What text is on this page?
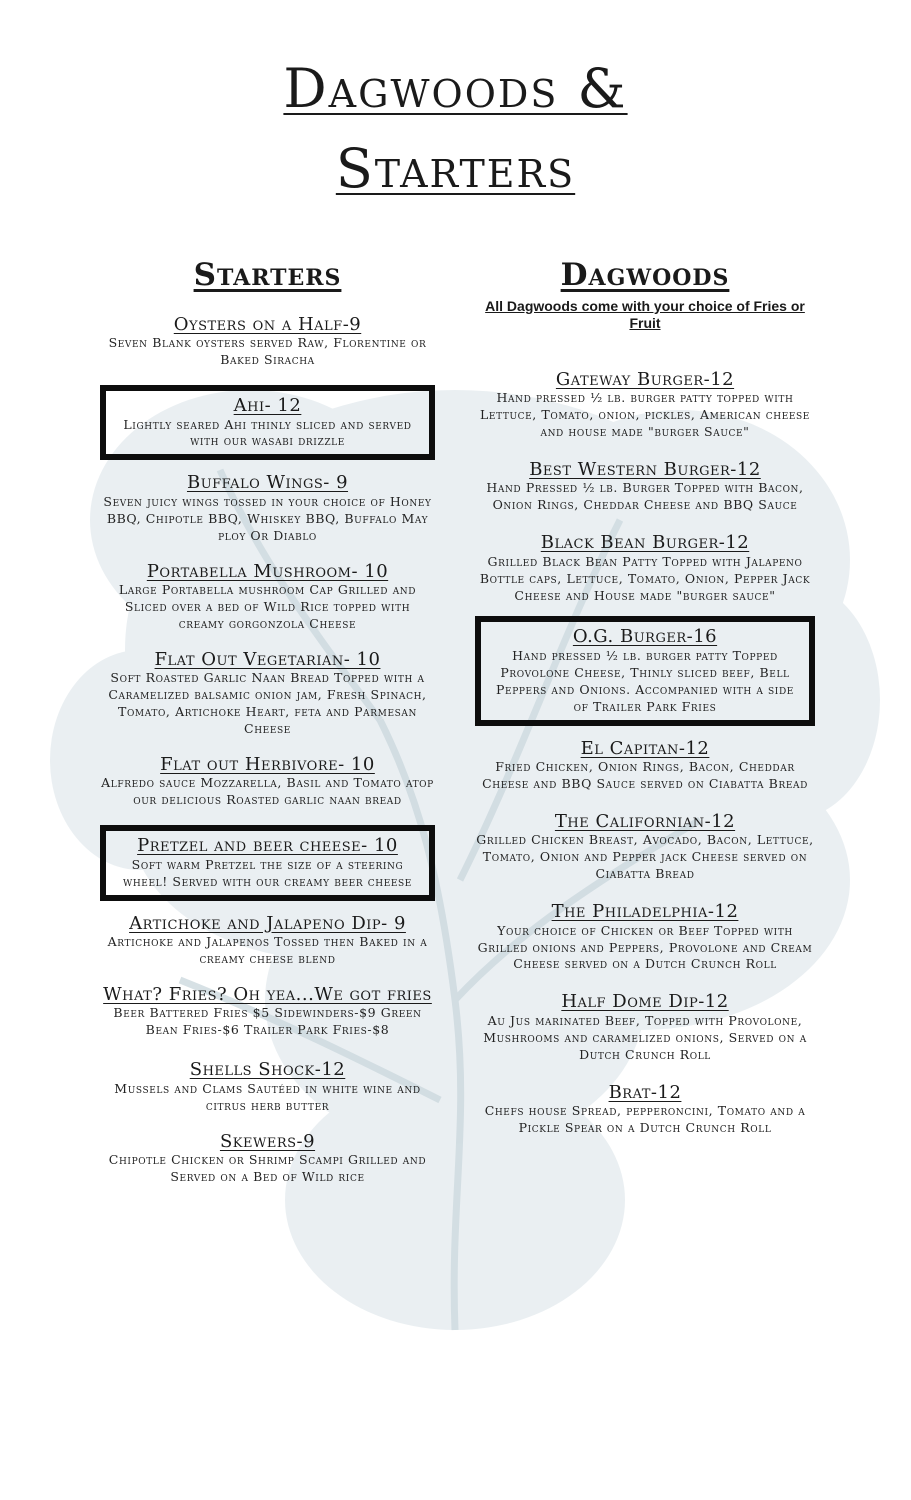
Dagwoods &
Starters
Starters
Oysters on a Half-9
Seven Blank oysters served Raw, Florentine or Baked Siracha
Ahi- 12
Lightly seared Ahi thinly sliced and served with our wasabi drizzle
Buffalo Wings- 9
Seven juicy wings tossed in your choice of Honey BBQ, Chipotle BBQ, Whiskey BBQ, Buffalo May ploy Or Diablo
Portabella Mushroom- 10
Large Portabella mushroom Cap Grilled and Sliced over a bed of Wild Rice topped with creamy gorgonzola Cheese
Flat Out Vegetarian- 10
Soft Roasted Garlic Naan Bread Topped with a Caramelized balsamic onion jam, Fresh Spinach, Tomato, Artichoke Heart, feta and Parmesan Cheese
Flat out Herbivore- 10
Alfredo sauce Mozzarella, Basil and Tomato atop our delicious Roasted garlic naan bread
Pretzel and beer cheese- 10
Soft warm Pretzel the size of a steering wheel! Served with our creamy beer cheese
Artichoke and Jalapeno Dip- 9
Artichoke and Jalapenos Tossed then Baked in a creamy cheese blend
What? Fries? Oh yea...We got fries
Beer Battered Fries $5 Sidewinders-$9 Green Bean Fries-$6 Trailer Park Fries-$8
Shells Shock-12
Mussels and Clams Sautéed in white wine and citrus herb butter
Skewers-9
Chipotle Chicken or Shrimp Scampi Grilled and Served on a Bed of Wild rice
Dagwoods
All Dagwoods come with your choice of Fries or Fruit
Gateway Burger-12
Hand pressed ½ lb. burger patty topped with Lettuce, Tomato, onion, pickles, American cheese and house made "burger Sauce"
Best Western Burger-12
Hand Pressed ½ lb. Burger Topped with Bacon, Onion Rings, Cheddar Cheese and BBQ Sauce
Black Bean Burger-12
Grilled Black Bean Patty Topped with Jalapeno Bottle caps, Lettuce, Tomato, Onion, Pepper Jack Cheese and House made "burger sauce"
O.G. Burger-16
Hand pressed ½ lb. burger patty Topped Provolone Cheese, Thinly sliced beef, Bell Peppers and Onions. Accompanied with a side of Trailer Park Fries
El Capitan-12
Fried Chicken, Onion Rings, Bacon, Cheddar Cheese and BBQ Sauce served on Ciabatta Bread
The Californian-12
Grilled Chicken Breast, Avocado, Bacon, Lettuce, Tomato, Onion and Pepper jack Cheese served on Ciabatta Bread
The Philadelphia-12
Your choice of Chicken or Beef Topped with Grilled onions and Peppers, Provolone and Cream Cheese served on a Dutch Crunch Roll
Half Dome Dip-12
Au Jus marinated Beef, Topped with Provolone, Mushrooms and caramelized onions, Served on a Dutch Crunch Roll
Brat-12
Chefs house Spread, pepperoncini, Tomato and a Pickle Spear on a Dutch Crunch Roll
